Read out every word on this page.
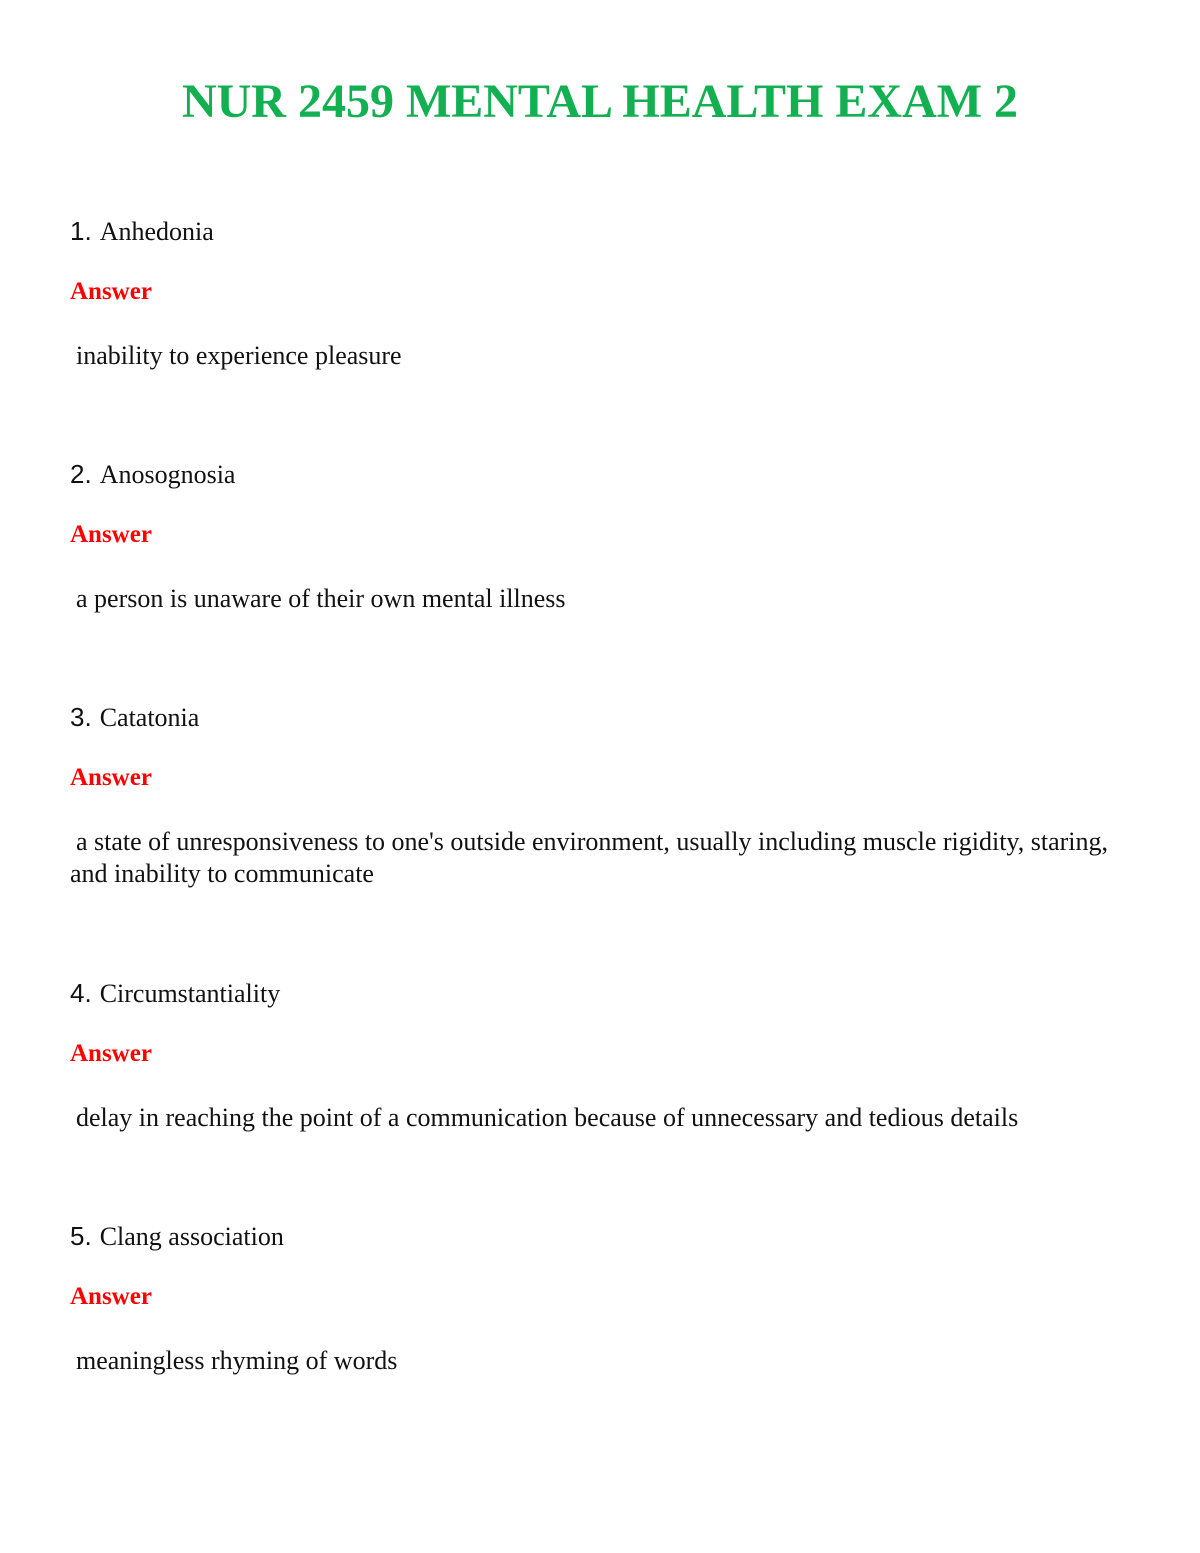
NUR 2459 MENTAL HEALTH EXAM 2

1. Anhedonia

Answer

inability to experience pleasure

2. Anosognosia

Answer

a person is unaware of their own mental illness

3. Catatonia

Answer

a state of unresponsiveness to one's outside environment, usually including muscle rigidity, staring, and inability to communicate

4. Circumstantiality

Answer

delay in reaching the point of a communication because of unnecessary and tedious details

5. Clang association

Answer

meaningless rhyming of words
